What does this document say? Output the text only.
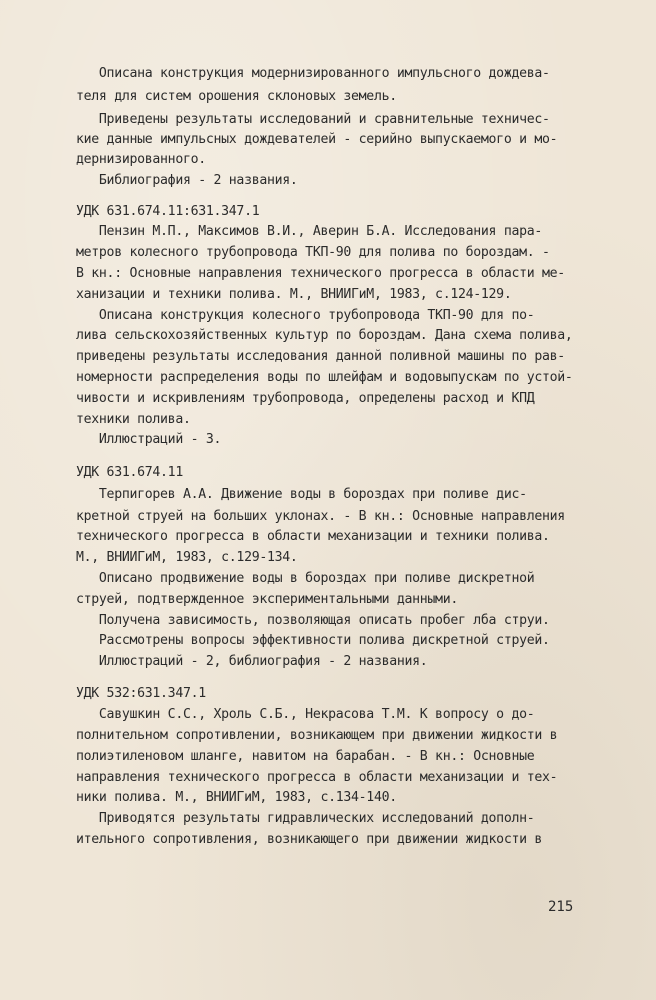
Описана конструкция модернизированного импульсного дождева-
теля для систем орошения склоновых земель.
Приведены результаты исследований и сравнительные техничес-
кие данные импульсных дождевателей - серийно выпускаемого и мо-
дернизированного.
Библиография - 2 названия.
УДК 631.674.11:631.347.1
Пензин М.П., Максимов В.И., Аверин Б.А. Исследования пара-
метров колесного трубопровода ТКП-90 для полива по бороздам. -
В кн.: Основные направления технического прогресса в области ме-
ханизации и техники полива. М., ВНИИГиМ, 1983, с.124-129.
Описана конструкция колесного трубопровода ТКП-90 для по-
лива сельскохозяйственных культур по бороздам. Дана схема полива,
приведены результаты исследования данной поливной машины по рав-
номерности распределения воды по шлейфам и водовыпускам по устой-
чивости и искривлениям трубопровода, определены расход и КПД
техники полива.
Иллюстраций - 3.
УДК 631.674.11
Терпигорев А.А. Движение воды в бороздах при поливе дис-
кретной струей на больших уклонах. - В кн.: Основные направления
технического прогресса в области механизации и техники полива.
М., ВНИИГиМ, 1983, с.129-134.
Описано продвижение воды в бороздах при поливе дискретной
струей, подтвержденное экспериментальными данными.
Получена зависимость, позволяющая описать пробег лба струи.
Рассмотрены вопросы эффективности полива дискретной струей.
Иллюстраций - 2, библиография - 2 названия.
УДК 532:631.347.1
Савушкин С.С., Хроль С.Б., Некрасова Т.М. К вопросу о до-
полнительном сопротивлении, возникающем при движении жидкости в
полиэтиленовом шланге, навитом на барабан. - В кн.: Основные
направления технического прогресса в области механизации и тех-
ники полива. М., ВНИИГиМ, 1983, с.134-140.
Приводятся результаты гидравлических исследований дополн-
ительного сопротивления, возникающего при движении жидкости в
215
